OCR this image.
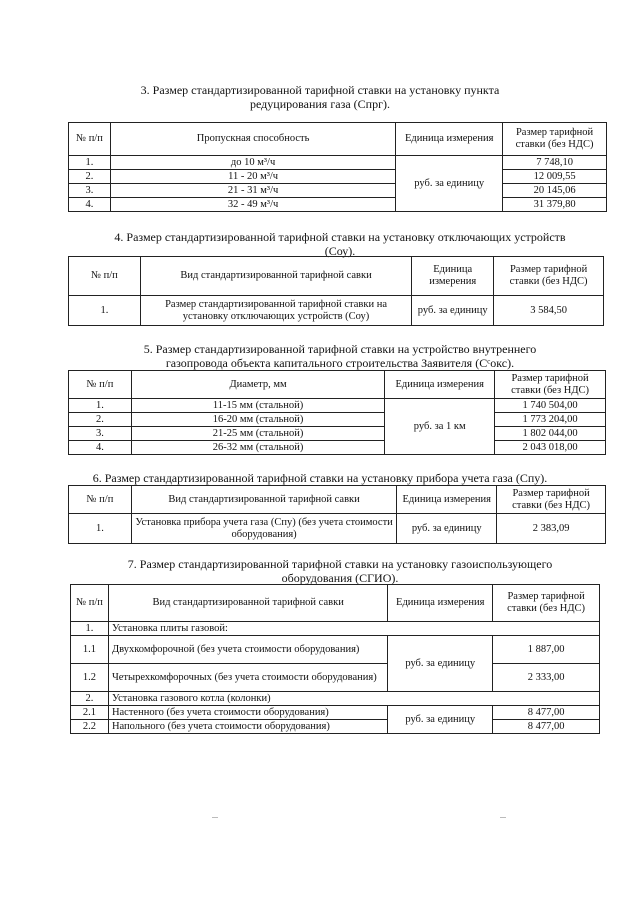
3. Размер стандартизированной тарифной ставки на установку пункта
редуцирования газа (Cпрг).
№ п/п	Пропускная способность	Единица измерения	Размер тарифной ставки (без НДС)
1.	до 10 м³/ч	руб. за единицу	7 748,10
2.	11 - 20 м³/ч		12 009,55
3.	21 - 31 м³/ч		20 145,06
4.	32 - 49 м³/ч		31 379,80
4. Размер стандартизированной тарифной ставки на установку отключающих устройств
(Соу).
№ п/п	Вид стандартизированной тарифной савки	Единица измерения	Размер тарифной ставки (без НДС)
1.	Размер стандартизированной тарифной ставки на установку отключающих устройств (Соу)	руб. за единицу	3 584,50
5. Размер стандартизированной тарифной ставки на устройство внутреннего
газопровода объекта капитального строительства Заявителя (Cᶜокс).
№ п/п	Диаметр, мм	Единица измерения	Размер тарифной ставки (без НДС)
1.	11-15 мм (стальной)	руб. за 1 км	1 740 504,00
2.	16-20 мм (стальной)		1 773 204,00
3.	21-25 мм (стальной)		1 802 044,00
4.	26-32 мм (стальной)		2 043 018,00
6. Размер стандартизированной тарифной ставки на установку прибора учета газа (Cпу).
№ п/п	Вид стандартизированной тарифной савки	Единица измерения	Размер тарифной ставки (без НДС)
1.	Установка прибора учета газа (Спу) (без учета стоимости оборудования)	руб. за единицу	2 383,09
7. Размер стандартизированной тарифной ставки на установку газоиспользующего
оборудования (CГИО).
№ п/п	Вид стандартизированной тарифной савки	Единица измерения	Размер тарифной ставки (без НДС)
1.	Установка плиты газовой:		
1.1	Двухкомфорочной (без учета стоимости оборудования)	руб. за единицу	1 887,00
1.2	Четырехкомфорочных (без учета стоимости оборудования)		2 333,00
2.	Установка газового котла (колонки)		
2.1	Настенного (без учета стоимости оборудования)	руб. за единицу	8 477,00
2.2	Напольного (без учета стоимости оборудования)		8 477,00
